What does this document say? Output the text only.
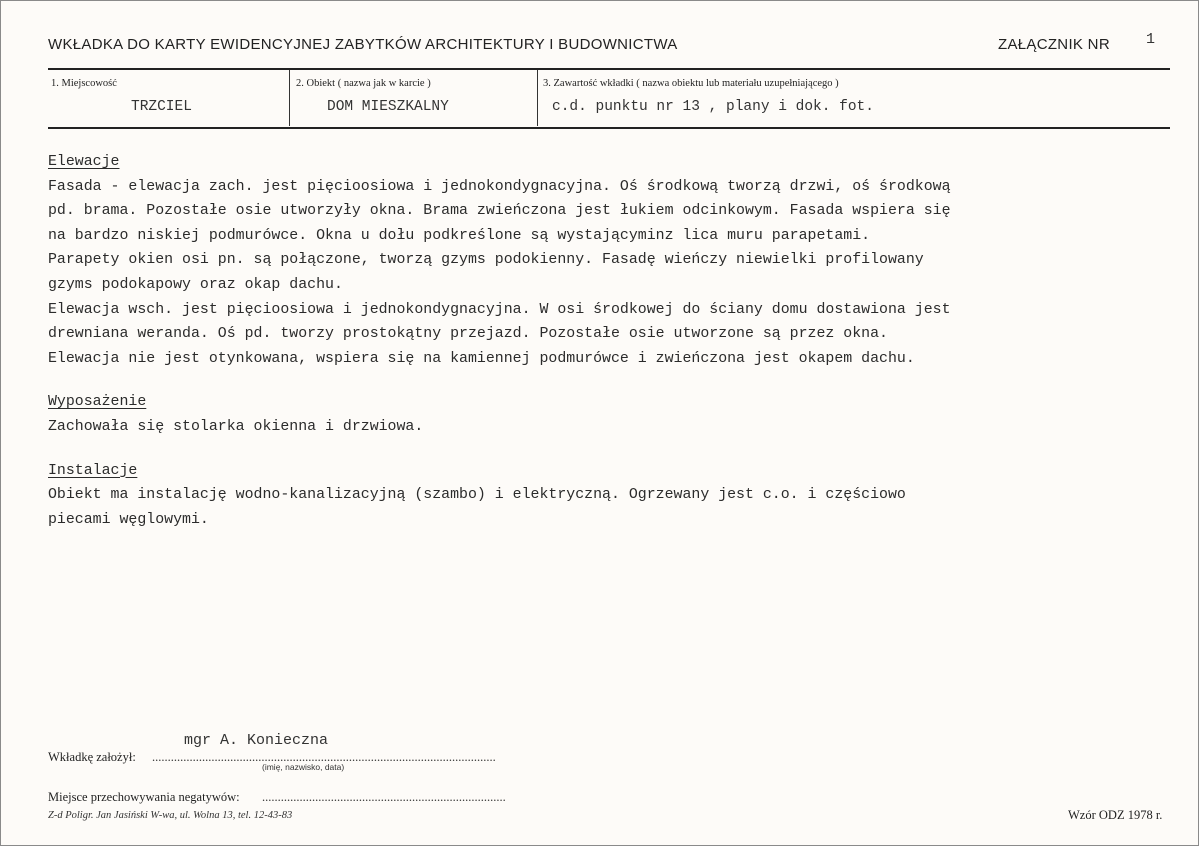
WKŁADKA DO KARTY EWIDENCYJNEJ ZABYTKÓW ARCHITEKTURY I BUDOWNICTWA	ZAŁĄCZNIK NR 1
1. Miejscowość
TRZCIEL
2. Obiekt ( nazwa jak w karcie )
DOM MIESZKALNY
3. Zawartość wkładki ( nazwa obiektu lub materiału uzupełniającego )
c.d. punktu nr 13 , plany i dok. fot.
Elewacje
Fasada - elewacja zach. jest pięcioosiowa i jednokondygnacyjna. Oś środkową tworzą drzwi, oś środkową
pd. brama. Pozostałe osie utworzyły okna. Brama zwieńczona jest łukiem odcinkowym. Fasada wspiera się
na bardzo niskiej podmurówce. Okna u dołu podkreślone są wystającyminz lica muru parapetami.
Parapety okien osi pn. są połączone, tworzą gzyms podokienny. Fasadę wieńczy niewielki profilowany
gzyms podokapowy oraz okap dachu.
Elewacja wsch. jest pięcioosiowa i jednokondygnacyjna. W osi środkowej do ściany domu dostawiona jest
drewniana weranda. Oś pd. tworzy prostokątny przejazd. Pozostałe osie utworzone są przez okna.
Elewacja nie jest otynkowana, wspiera się na kamiennej podmurówce i zwieńczona jest okapem dachu.
Wyposażenie
Zachowała się stolarka okienna i drzwiowa.
Instalacje
Obiekt ma instalację wodno-kanalizacyjną (szambo) i elektryczną. Ogrzewany jest c.o. i częściowo
piecami węglowymi.
mgr A. Konieczna
Wkładkę założył: ..............................................................................................................
(imię, nazwisko, data)
Miejsce przechowywania negatywów: ..............................................................................
Z-d Poligr. Jan Jasiński W-wa, ul. Wolna 13, tel. 12-43-83	Wzór ODZ 1978 r.
